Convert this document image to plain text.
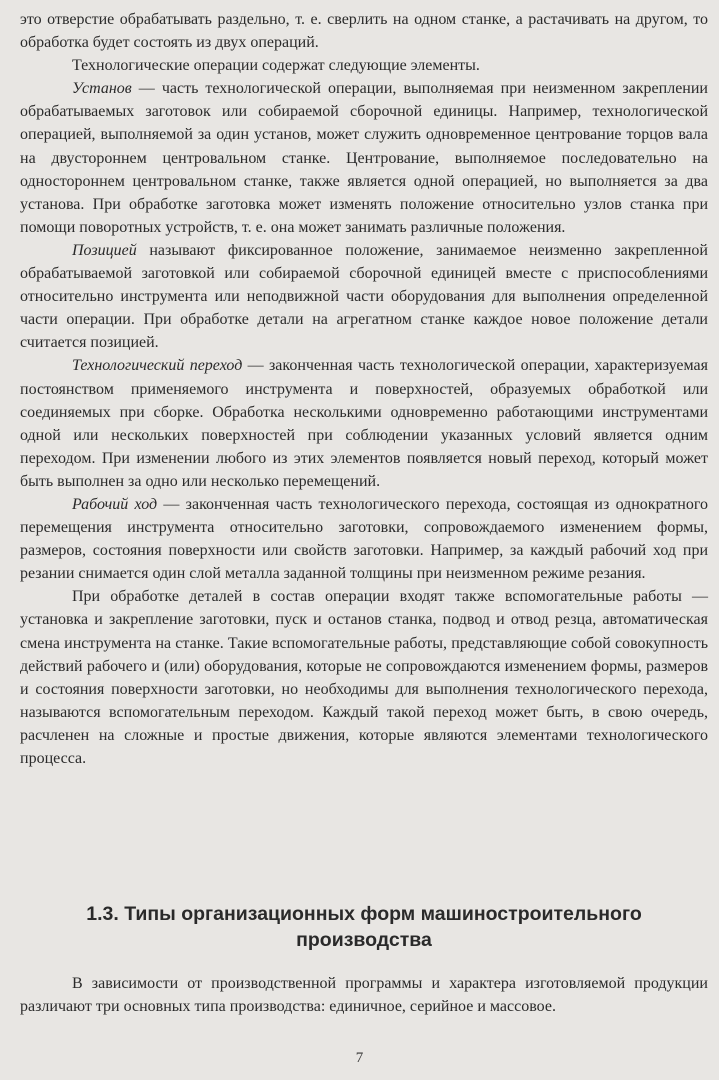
это отверстие обрабатывать раздельно, т. е. сверлить на одном станке, а растачивать на другом, то обработка будет состоять из двух операций.

Технологические операции содержат следующие элементы.

Установ — часть технологической операции, выполняемая при неизменном закреплении обрабатываемых заготовок или собираемой сборочной единицы. Например, технологической операцией, выполняемой за один установ, может служить одновременное центрование торцов вала на двустороннем центровальном станке. Центрование, выполняемое последовательно на одностороннем центровальном станке, также является одной операцией, но выполняется за два установа. При обработке заготовка может изменять положение относительно узлов станка при помощи поворотных устройств, т. е. она может занимать различные положения.

Позицией называют фиксированное положение, занимаемое неизменно закрепленной обрабатываемой заготовкой или собираемой сборочной единицей вместе с приспособлениями относительно инструмента или неподвижной части оборудования для выполнения определенной части операции. При обработке детали на агрегатном станке каждое новое положение детали считается позицией.

Технологический переход — законченная часть технологической операции, характеризуемая постоянством применяемого инструмента и поверхностей, образуемых обработкой или соединяемых при сборке. Обработка несколькими одновременно работающими инструментами одной или нескольких поверхностей при соблюдении указанных условий является одним переходом. При изменении любого из этих элементов появляется новый переход, который может быть выполнен за одно или несколько перемещений.

Рабочий ход — законченная часть технологического перехода, состоящая из однократного перемещения инструмента относительно заготовки, сопровождаемого изменением формы, размеров, состояния поверхности или свойств заготовки. Например, за каждый рабочий ход при резании снимается один слой металла заданной толщины при неизменном режиме резания.

При обработке деталей в состав операции входят также вспомогательные работы — установка и закрепление заготовки, пуск и останов станка, подвод и отвод резца, автоматическая смена инструмента на станке. Такие вспомогательные работы, представляющие собой совокупность действий рабочего и (или) оборудования, которые не сопровождаются изменением формы, размеров и состояния поверхности заготовки, но необходимы для выполнения технологического перехода, называются вспомогательным переходом. Каждый такой переход может быть, в свою очередь, расчленен на сложные и простые движения, которые являются элементами технологического процесса.

1.3. Типы организационных форм машиностроительного
производства

В зависимости от производственной программы и характера изготовляемой продукции различают три основных типа производства: единичное, серийное и массовое.

7
